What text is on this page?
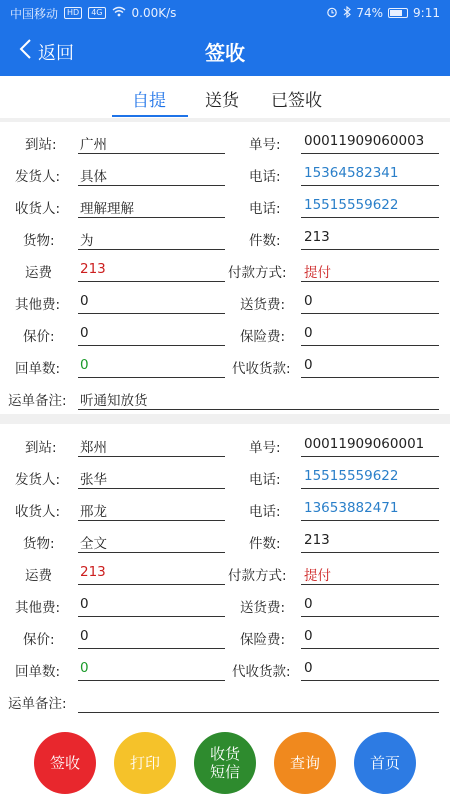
中国移动	HD	4G 0.00K/s	74%	9:11
返回	签收
自提 送货 已签收
到站: 广州	单号: 00011909060003
发货人: 具体	电话: 15364582341
收货人: 理解理解	电话: 15515559622
货物: 为	件数: 213
运费 213	付款方式: 提付
其他费: 0	送货费: 0
保价: 0	保险费: 0
回单数: 0	代收货款: 0
运单备注: 听通知放货
到站: 郑州	单号: 00011909060001
发货人: 张华	电话: 15515559622
收货人: 邢龙	电话: 13653882471
货物: 全文	件数: 213
运费 213	付款方式: 提付
其他费: 0	送货费: 0
保价: 0	保险费: 0
回单数: 0	代收货款: 0
运单备注:
签收	打印	收货
短信	查询	首页
